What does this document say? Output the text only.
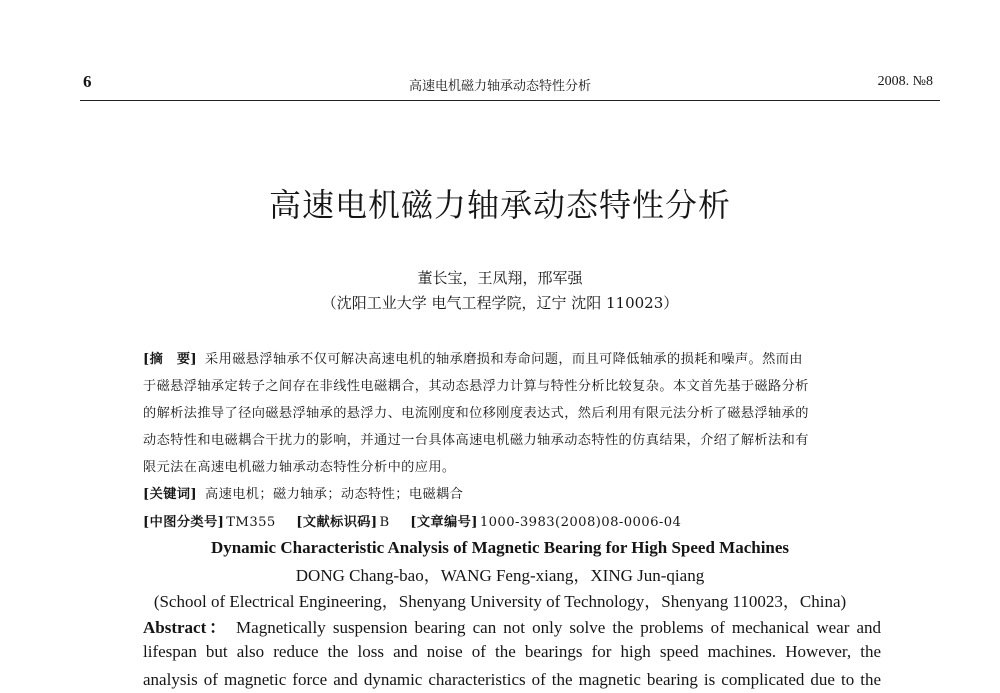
6	高速电机磁力轴承动态特性分析	2008. №8
高速电机磁力轴承动态特性分析
董长宝，王凤翔，邢军强
（沈阳工业大学 电气工程学院，辽宁 沈阳 110023）
[摘　要] 采用磁悬浮轴承不仅可解决高速电机的轴承磨损和寿命问题，而且可降低轴承的损耗和噪声。然而由
于磁悬浮轴承定转子之间存在非线性电磁耦合，其动态悬浮力计算与特性分析比较复杂。本文首先基于磁路分析
的解析法推导了径向磁悬浮轴承的悬浮力、电流刚度和位移刚度表达式，然后利用有限元法分析了磁悬浮轴承的
动态特性和电磁耦合干扰力的影响，并通过一台具体高速电机磁力轴承动态特性的仿真结果，介绍了解析法和有
限元法在高速电机磁力轴承动态特性分析中的应用。
[关键词] 高速电机；磁力轴承；动态特性；电磁耦合
[中图分类号] TM355 [文献标识码] B [文章编号] 1000-3983(2008)08-0006-04
Dynamic Characteristic Analysis of Magnetic Bearing for High Speed Machines
DONG Chang-bao，WANG Feng-xiang，XING Jun-qiang
(School of Electrical Engineering，Shenyang University of Technology，Shenyang 110023，China)
Abstract： Magnetically suspension bearing can not only solve the problems of mechanical wear and
lifespan but also reduce the loss and noise of the bearings for high speed machines. However, the
analysis of magnetic force and dynamic characteristics of the magnetic bearing is complicated due to the
